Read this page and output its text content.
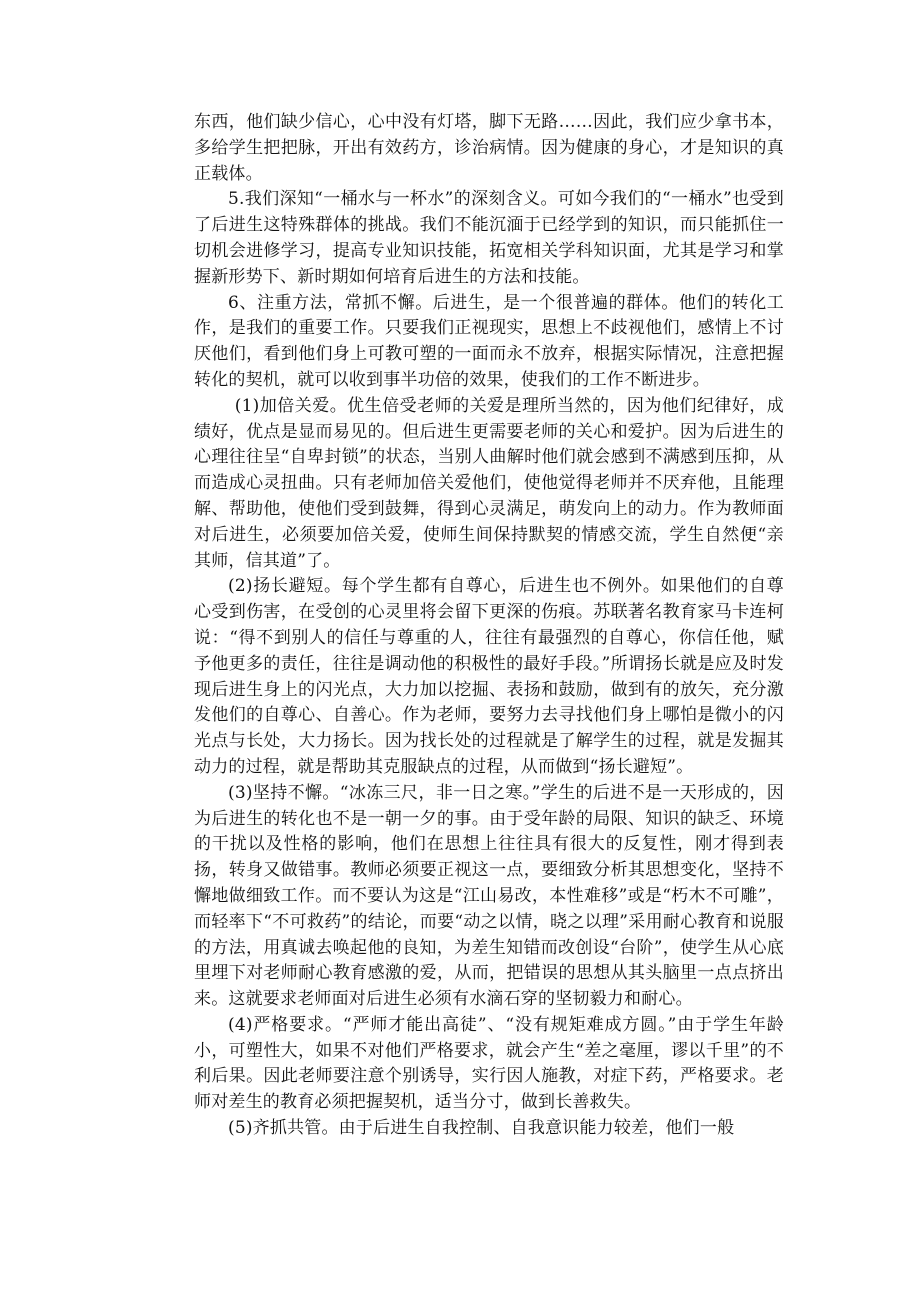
东西，他们缺少信心，心中没有灯塔，脚下无路……因此，我们应少拿书本，多给学生把把脉，开出有效药方，诊治病情。因为健康的身心，才是知识的真正载体。

5.我们深知“一桶水与一杯水”的深刻含义。可如今我们的“一桶水”也受到了后进生这特殊群体的挑战。我们不能沉湎于已经学到的知识，而只能抓住一切机会进修学习，提高专业知识技能，拓宽相关学科知识面，尤其是学习和掌握新形势下、新时期如何培育后进生的方法和技能。

6、注重方法，常抓不懈。后进生，是一个很普遍的群体。他们的转化工作，是我们的重要工作。只要我们正视现实，思想上不歧视他们，感情上不讨厌他们，看到他们身上可教可塑的一面而永不放弃，根据实际情况，注意把握转化的契机，就可以收到事半功倍的效果，使我们的工作不断进步。

(1)加倍关爱。优生倍受老师的关爱是理所当然的，因为他们纪律好，成绩好，优点是显而易见的。但后进生更需要老师的关心和爱护。因为后进生的心理往往呈“自卑封锁”的状态，当别人曲解时他们就会感到不满感到压抑，从而造成心灵扭曲。只有老师加倍关爱他们，使他觉得老师并不厌弃他，且能理解、帮助他，使他们受到鼓舞，得到心灵满足，萌发向上的动力。作为教师面对后进生，必须要加倍关爱，使师生间保持默契的情感交流，学生自然便“亲其师，信其道”了。

(2)扬长避短。每个学生都有自尊心，后进生也不例外。如果他们的自尊心受到伤害，在受创的心灵里将会留下更深的伤痕。苏联著名教育家马卡连柯说：“得不到别人的信任与尊重的人，往往有最强烈的自尊心，你信任他，赋予他更多的责任，往往是调动他的积极性的最好手段。”所谓扬长就是应及时发现后进生身上的闪光点，大力加以挖掘、表扬和鼓励，做到有的放矢，充分激发他们的自尊心、自善心。作为老师，要努力去寻找他们身上哪怕是微小的闪光点与长处，大力扬长。因为找长处的过程就是了解学生的过程，就是发掘其动力的过程，就是帮助其克服缺点的过程，从而做到“扬长避短”。

(3)坚持不懈。“冰冻三尺，非一日之寒。”学生的后进不是一天形成的，因为后进生的转化也不是一朝一夕的事。由于受年龄的局限、知识的缺乏、环境的干扰以及性格的影响，他们在思想上往往具有很大的反复性，刚才得到表扬，转身又做错事。教师必须要正视这一点，要细致分析其思想变化，坚持不懈地做细致工作。而不要认为这是“江山易改，本性难移”或是“朽木不可雕”，而轻率下“不可救药”的结论，而要“动之以情，晓之以理”采用耐心教育和说服的方法，用真诚去唤起他的良知，为差生知错而改创设“台阶”，使学生从心底里埋下对老师耐心教育感激的爱，从而，把错误的思想从其头脑里一点点挤出来。这就要求老师面对后进生必须有水滴石穿的坚韧毅力和耐心。

(4)严格要求。“严师才能出高徒”、“没有规矩难成方圆。”由于学生年龄小，可塑性大，如果不对他们严格要求，就会产生“差之毫厘，谬以千里”的不利后果。因此老师要注意个别诱导，实行因人施教，对症下药，严格要求。老师对差生的教育必须把握契机，适当分寸，做到长善救失。

(5)齐抓共管。由于后进生自我控制、自我意识能力较差，他们一般
